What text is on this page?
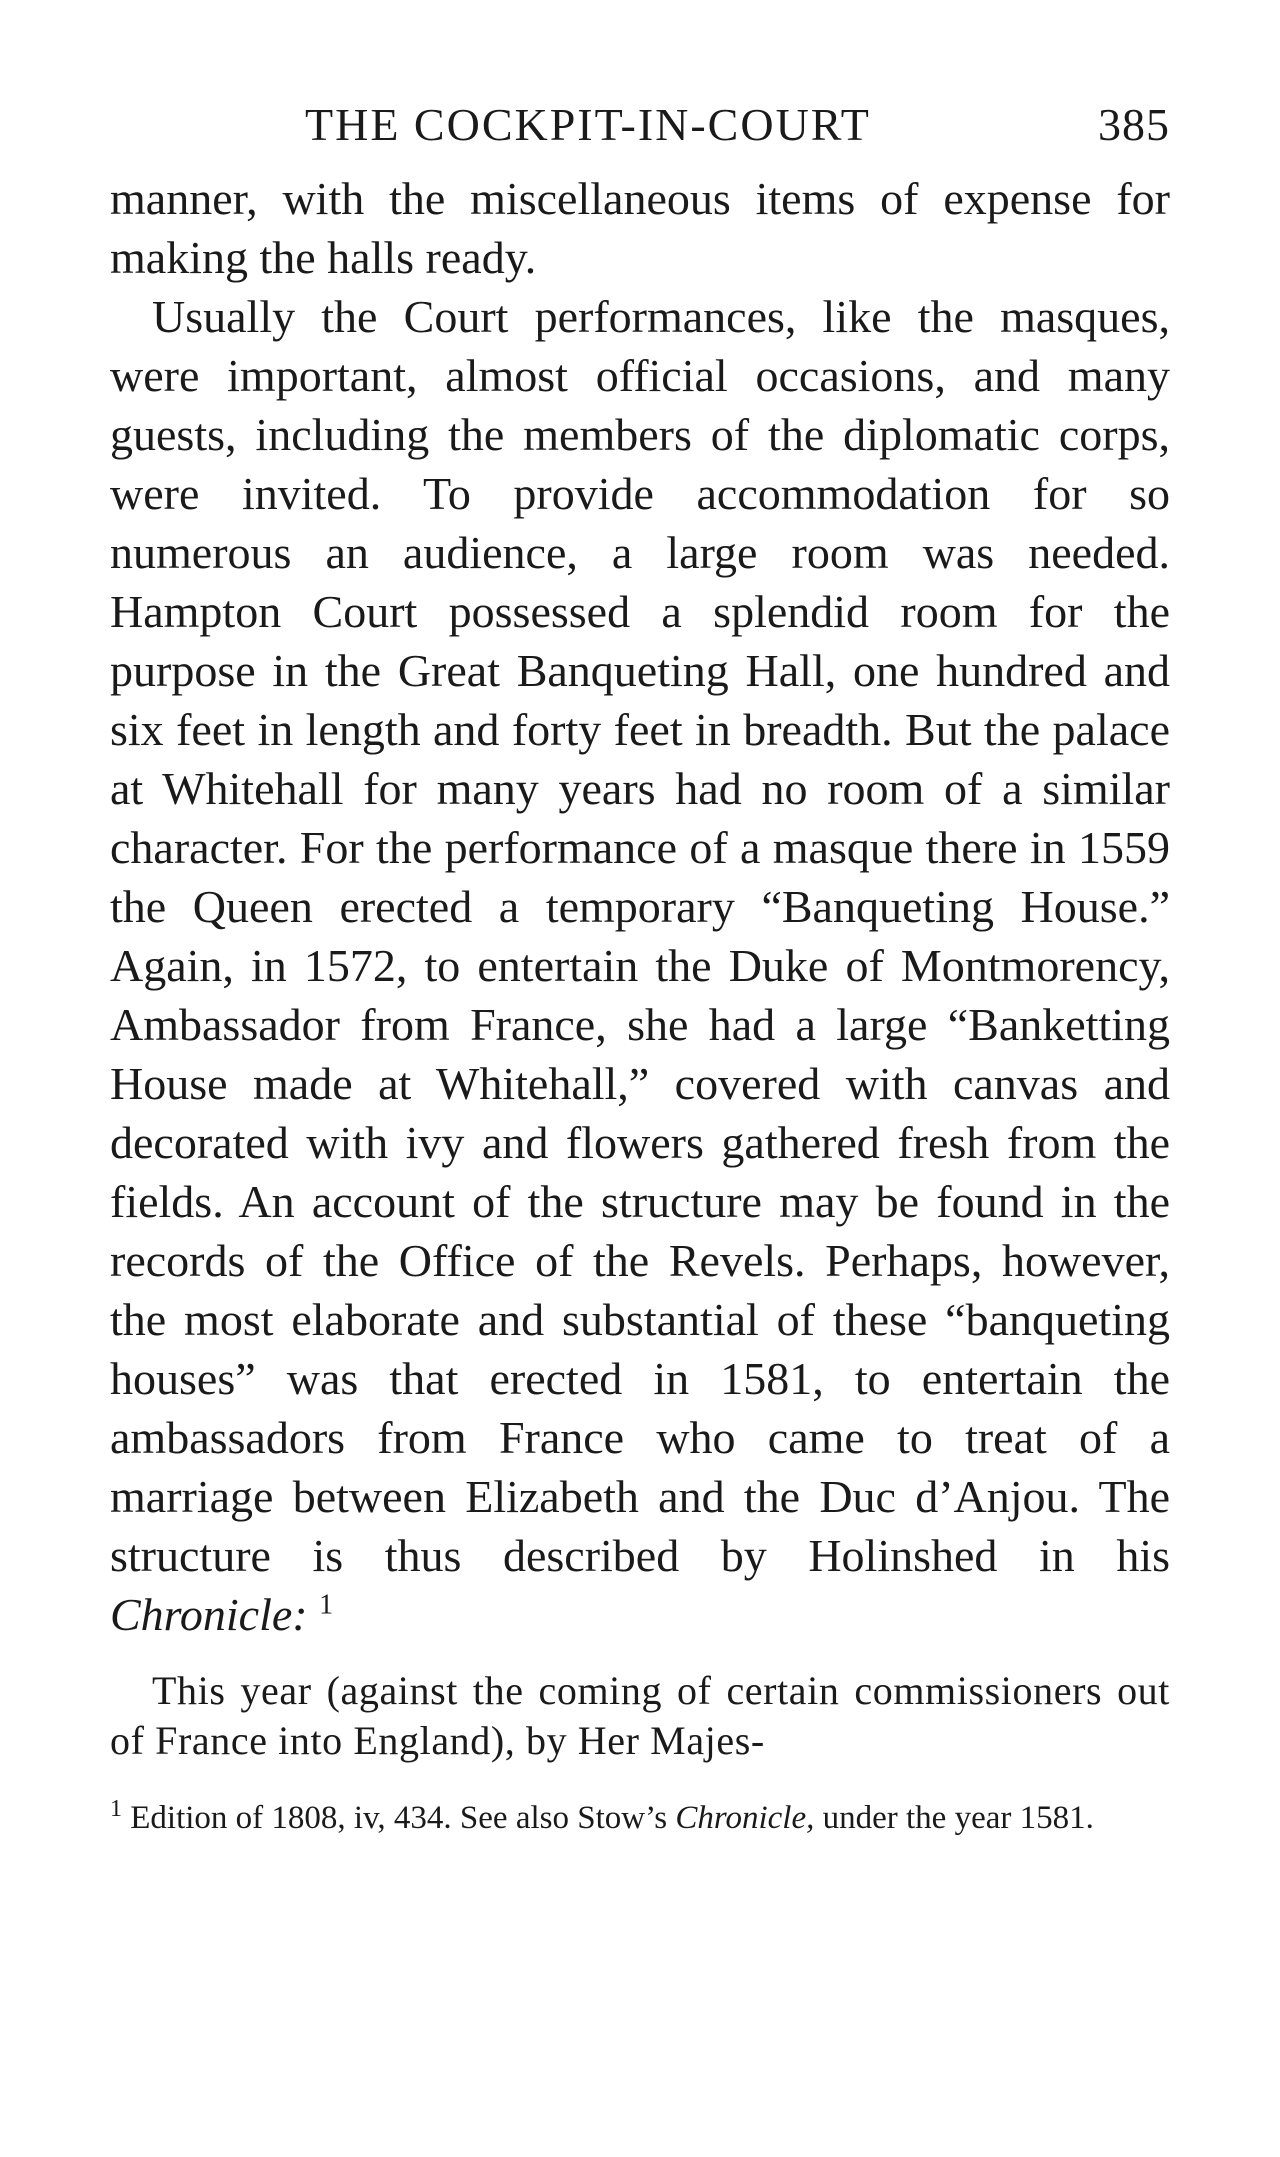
THE COCKPIT-IN-COURT	385

manner, with the miscellaneous items of expense for making the halls ready.

Usually the Court performances, like the masques, were important, almost official occasions, and many guests, including the members of the diplomatic corps, were invited. To provide accommodation for so numerous an audience, a large room was needed. Hampton Court possessed a splendid room for the purpose in the Great Banqueting Hall, one hundred and six feet in length and forty feet in breadth. But the palace at Whitehall for many years had no room of a similar character. For the performance of a masque there in 1559 the Queen erected a temporary “Banqueting House.” Again, in 1572, to entertain the Duke of Montmorency, Ambassador from France, she had a large “Banketting House made at Whitehall,” covered with canvas and decorated with ivy and flowers gathered fresh from the fields. An account of the structure may be found in the records of the Office of the Revels. Perhaps, however, the most elaborate and substantial of these “banqueting houses” was that erected in 1581, to entertain the ambassadors from France who came to treat of a marriage between Elizabeth and the Duc d’Anjou. The structure is thus described by Holinshed in his Chronicle: $^1$

This year (against the coming of certain commissioners out of France into England), by Her Majes-

$^1$ Edition of 1808, iv, 434. See also Stow’s Chronicle, under the year 1581.
